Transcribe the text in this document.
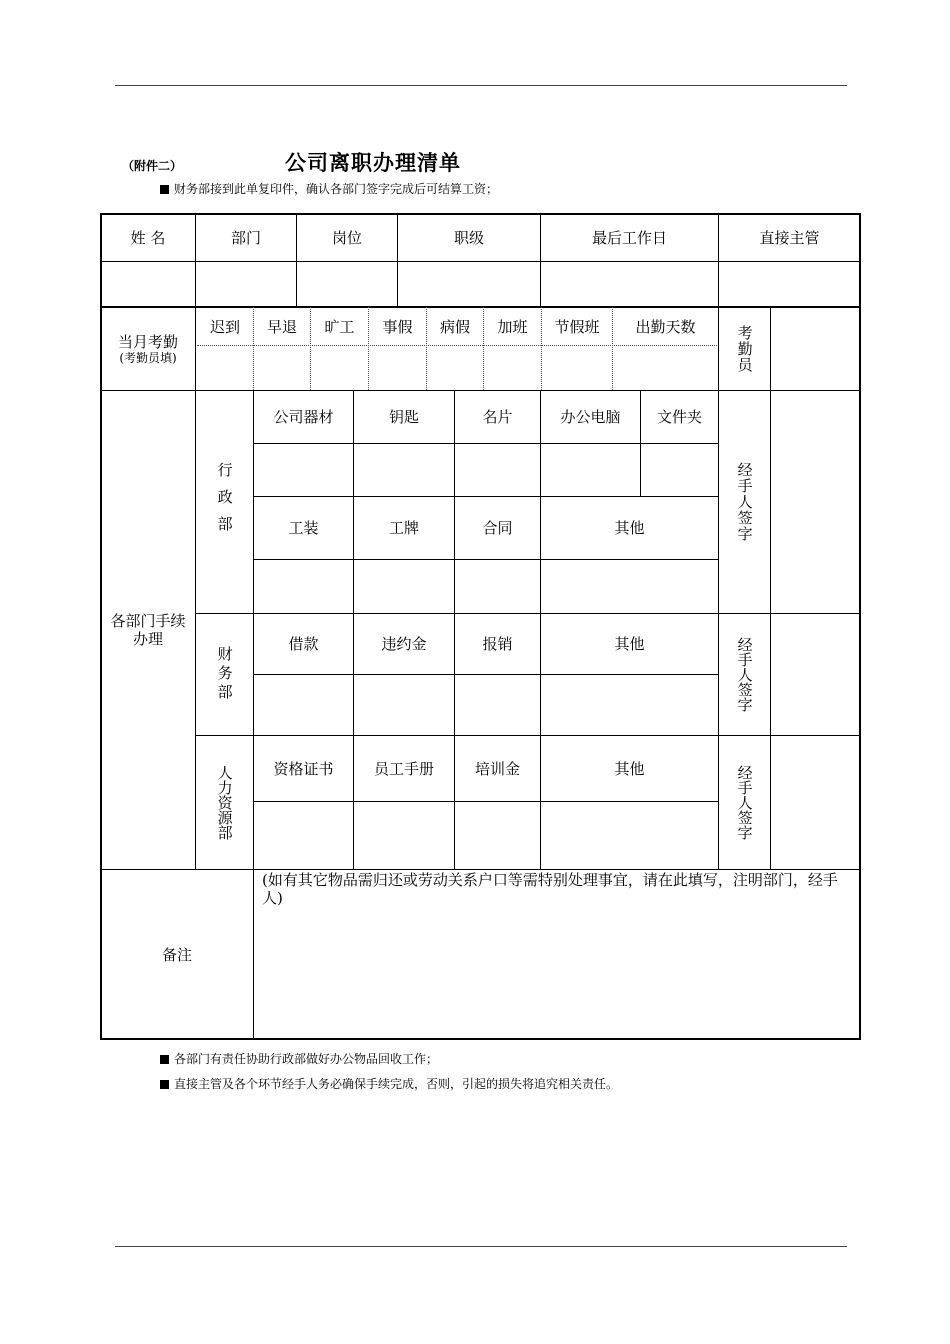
（附件二）	公司离职办理清单
财务部接到此单复印件，确认各部门签字完成后可结算工资；
姓 名	部门	岗位	职级	最后工作日	直接主管
当月考勤
(考勤员填)
迟到	早退	旷工	事假	病假	加班	节假班	出勤天数	考勤员
各部门手续办理
行政部
公司器材	钥匙	名片	办公电脑	文件夹
工装	工牌	合同	其他	经手人签字
财务部
借款	违约金	报销	其他	经手人签字
人力资源部	资格证书	员工手册	培训金	其他	经手人签字
备注
(如有其它物品需归还或劳动关系户口等需特别处理事宜，请在此填写，注明部门，经手人)
各部门有责任协助行政部做好办公物品回收工作；
直接主管及各个环节经手人务必确保手续完成，否则，引起的损失将追究相关责任。
